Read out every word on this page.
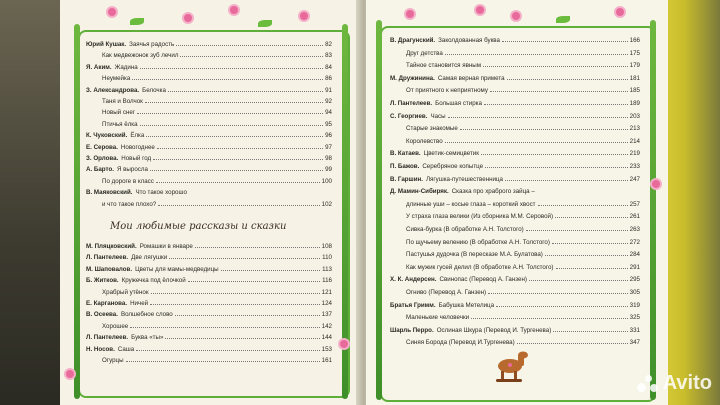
Юрий Кушак. Заячья радость	82
Как медвежонок зуб лечил	83
Я. Аким. Жадина	84
Неумейка	86
З. Александрова. Белочка	91
Таня и Волчок	92
Новый снег	94
Птичья ёлка	95
К. Чуковский. Ёлка	96
Е. Серова. Новогоднее	97
З. Орлова. Новый год	98
А. Барто. Я выросла	99
По дороге в класс	100
В. Маяковский. Что такое хорошо
и что такое плохо?	102
Мои любимые рассказы и сказки
М. Пляцковский. Ромашки в январе	108
Л. Пантелеев. Две лягушки	110
М. Шаповалов. Цветы для мамы-медведицы	113
Б. Житков. Кружечка под ёлочкой	116
Храбрый утёнок	121
Е. Карганова. Ничей	124
В. Осеева. Волшебное слово	137
Хорошее	142
Л. Пантелеев. Буква «ты»	144
Н. Носов. Саша	153
Огурцы	161
В. Драгунский. Заколдованная буква	166
Друг детства	175
Тайное становится явным	179
М. Дружинина. Самая верная примета	181
От приятного к неприятному	185
Л. Пантелеев. Большая стирка	189
С. Георгиев. Часы	203
Старые знакомые	213
Королевство	214
В. Катаев. Цветик-семицветик	219
П. Бажов. Серебряное копытце	233
В. Гаршин. Лягушка-путешественница	247
Д. Мамин-Сибиряк. Сказка про храброго зайца –
длинные уши – косые глаза – короткий хвост	257
У страха глаза велики (Из сборника М.М. Серовой)	261
Сивка-бурка (В обработке А.Н. Толстого)	263
По щучьему велению (В обработке А.Н. Толстого)	272
Пастушья дудочка (В пересказе М.А. Булатова)	284
Как мужик гусей делил (В обработке А.Н. Толстого)	291
Х. К. Андерсен. Свинопас (Перевод А. Ганзен)	295
Огниво (Перевод А. Ганзен)	305
Братья Гримм. Бабушка Метелица	319
Маленькие человечки	325
Шарль Перро. Ослиная Шкура (Перевод И. Тургенева)	331
Синяя Борода (Перевод И.Тургенева)	347
Avito
